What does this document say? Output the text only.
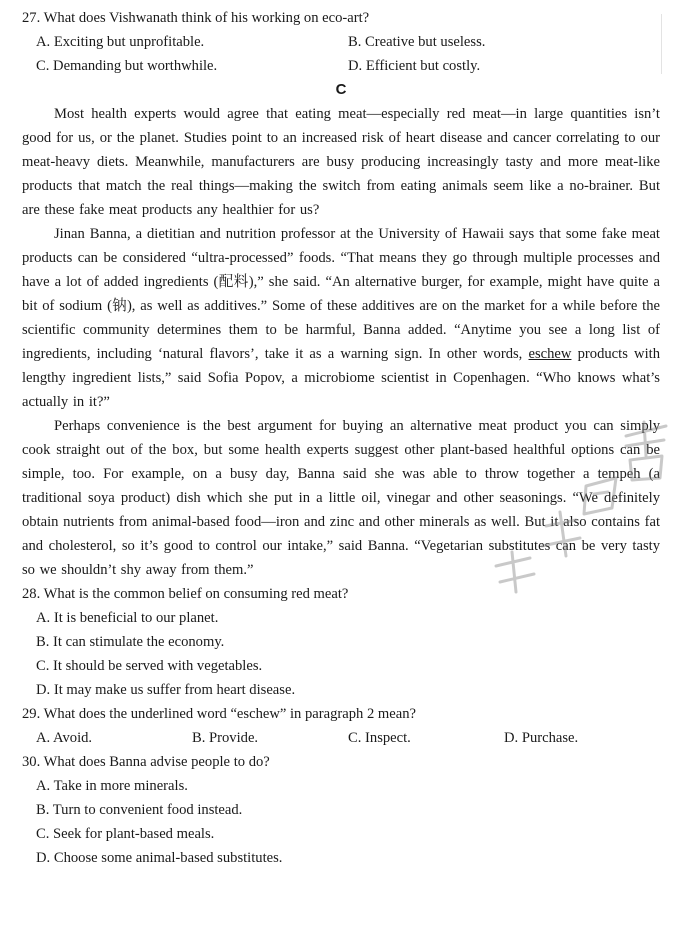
27. What does Vishwanath think of his working on eco-art?

A. Exciting but unprofitable.	B. Creative but useless.
C. Demanding but worthwhile.	D. Efficient but costly.

C

Most health experts would agree that eating meat—especially red meat—in large quantities isn’t good for us, or the planet. Studies point to an increased risk of heart disease and cancer correlating to our meat-heavy diets. Meanwhile, manufacturers are busy producing increasingly tasty and more meat-like products that match the real things—making the switch from eating animals seem like a no-brainer. But are these fake meat products any healthier for us?

Jinan Banna, a dietitian and nutrition professor at the University of Hawaii says that some fake meat products can be considered “ultra-processed” foods. “That means they go through multiple processes and have a lot of added ingredients (配料),” she said. “An alternative burger, for example, might have quite a bit of sodium (钠), as well as additives.” Some of these additives are on the market for a while before the scientific community determines them to be harmful, Banna added. “Anytime you see a long list of ingredients, including ‘natural flavors’, take it as a warning sign. In other words, eschew products with lengthy ingredient lists,” said Sofia Popov, a microbiome scientist in Copenhagen. “Who knows what’s actually in it?”

Perhaps convenience is the best argument for buying an alternative meat product you can simply cook straight out of the box, but some health experts suggest other plant-based healthful options can be simple, too. For example, on a busy day, Banna said she was able to throw together a tempeh (a traditional soya product) dish which she put in a little oil, vinegar and other seasonings. “We definitely obtain nutrients from animal-based food—iron and zinc and other minerals as well. But it also contains fat and cholesterol, so it’s good to control our intake,” said Banna. “Vegetarian substitutes can be very tasty so we shouldn’t shy away from them.”

28. What is the common belief on consuming red meat?

A. It is beneficial to our planet.
B. It can stimulate the economy.
C. It should be served with vegetables.
D. It may make us suffer from heart disease.

29. What does the underlined word “eschew” in paragraph 2 mean?

A. Avoid.	B. Provide.	C. Inspect.	D. Purchase.

30. What does Banna advise people to do?

A. Take in more minerals.
B. Turn to convenient food instead.
C. Seek for plant-based meals.
D. Choose some animal-based substitutes.
